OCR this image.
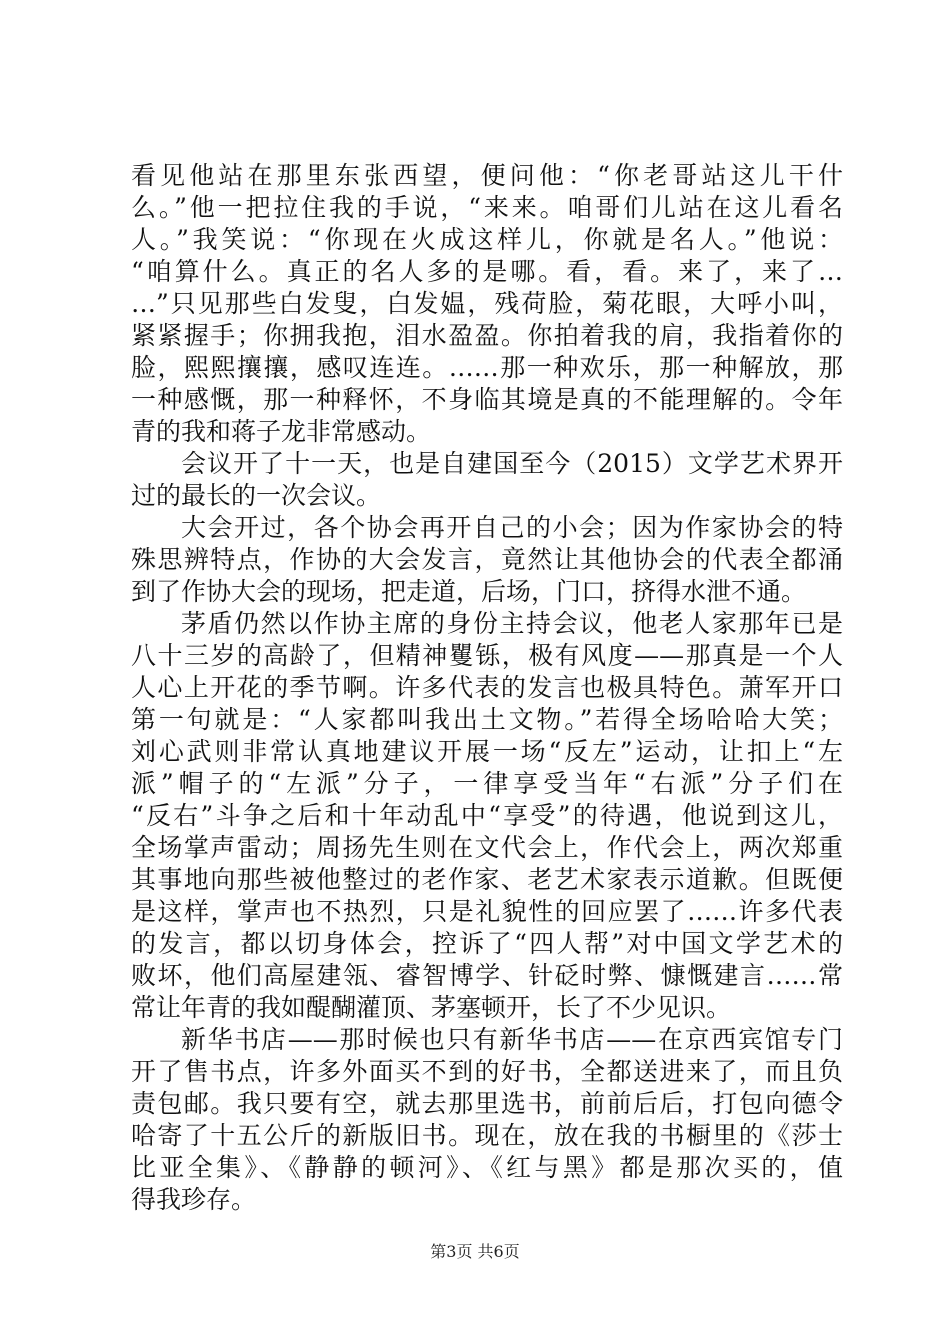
看见他站在那里东张西望，便问他：“你老哥站这儿干什
么。”他一把拉住我的手说，“来来。咱哥们儿站在这儿看名
人。”我笑说：“你现在火成这样儿，你就是名人。”他说：
“咱算什么。真正的名人多的是哪。看，看。来了，来了…
…”只见那些白发叟，白发媪，残荷脸，菊花眼，大呼小叫，
紧紧握手；你拥我抱，泪水盈盈。你拍着我的肩，我指着你的
脸，熙熙攘攘，感叹连连。……那一种欢乐，那一种解放，那
一种感慨，那一种释怀，不身临其境是真的不能理解的。令年
青的我和蒋子龙非常感动。
会议开了十一天，也是自建国至今（2015）文学艺术界开
过的最长的一次会议。
大会开过，各个协会再开自己的小会；因为作家协会的特
殊思辨特点，作协的大会发言，竟然让其他协会的代表全都涌
到了作协大会的现场，把走道，后场，门口，挤得水泄不通。
茅盾仍然以作协主席的身份主持会议，他老人家那年已是
八十三岁的高龄了，但精神矍铄，极有风度——那真是一个人
人心上开花的季节啊。许多代表的发言也极具特色。萧军开口
第一句就是：“人家都叫我出土文物。”若得全场哈哈大笑；
刘心武则非常认真地建议开展一场“反左”运动，让扣上“左
派”帽子的“左派”分子，一律享受当年“右派”分子们在
“反右”斗争之后和十年动乱中“享受”的待遇，他说到这儿，
全场掌声雷动；周扬先生则在文代会上，作代会上，两次郑重
其事地向那些被他整过的老作家、老艺术家表示道歉。但既便
是这样，掌声也不热烈，只是礼貌性的回应罢了……许多代表
的发言，都以切身体会，控诉了“四人帮”对中国文学艺术的
败坏，他们高屋建瓴、睿智博学、针砭时弊、慷慨建言……常
常让年青的我如醍醐灌顶、茅塞顿开，长了不少见识。
新华书店——那时候也只有新华书店——在京西宾馆专门
开了售书点，许多外面买不到的好书，全都送进来了，而且负
责包邮。我只要有空，就去那里选书，前前后后，打包向德令
哈寄了十五公斤的新版旧书。现在，放在我的书橱里的《莎士
比亚全集》、《静静的顿河》、《红与黑》都是那次买的，值
得我珍存。
第3页 共6页
